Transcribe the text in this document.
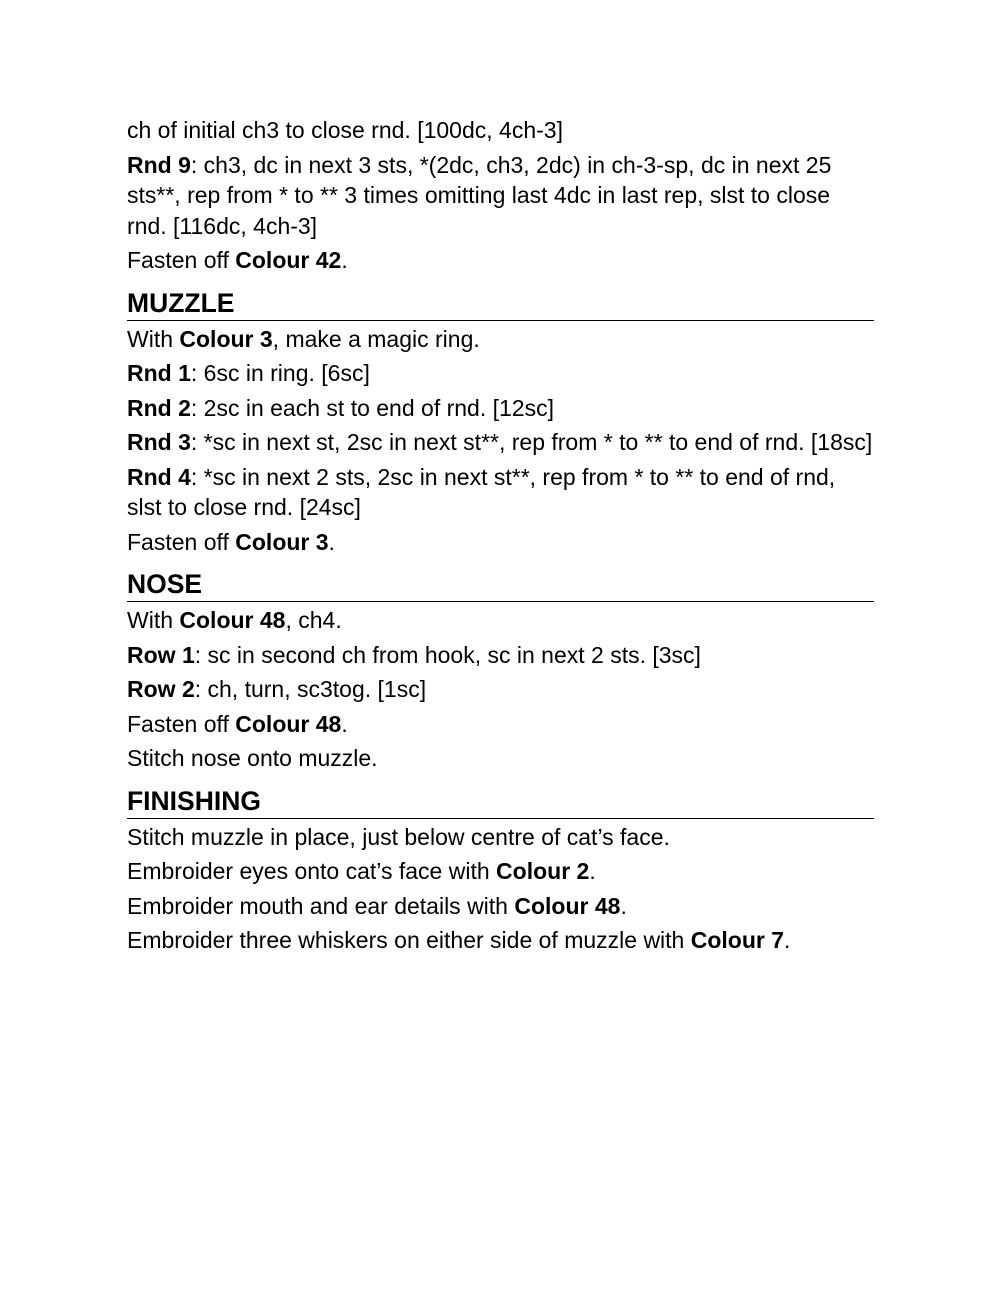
ch of initial ch3 to close rnd. [100dc, 4ch-3]

Rnd 9: ch3, dc in next 3 sts, *(2dc, ch3, 2dc) in ch-3-sp, dc in next 25 sts**, rep from * to ** 3 times omitting last 4dc in last rep, slst to close rnd. [116dc, 4ch-3]

Fasten off Colour 42.

MUZZLE

With Colour 3, make a magic ring.

Rnd 1: 6sc in ring. [6sc]

Rnd 2: 2sc in each st to end of rnd. [12sc]

Rnd 3: *sc in next st, 2sc in next st**, rep from * to ** to end of rnd. [18sc]

Rnd 4: *sc in next 2 sts, 2sc in next st**, rep from * to ** to end of rnd, slst to close rnd. [24sc]

Fasten off Colour 3.

NOSE

With Colour 48, ch4.

Row 1: sc in second ch from hook, sc in next 2 sts. [3sc]

Row 2: ch, turn, sc3tog. [1sc]

Fasten off Colour 48.

Stitch nose onto muzzle.

FINISHING

Stitch muzzle in place, just below centre of cat’s face.

Embroider eyes onto cat’s face with Colour 2.

Embroider mouth and ear details with Colour 48.

Embroider three whiskers on either side of muzzle with Colour 7.
